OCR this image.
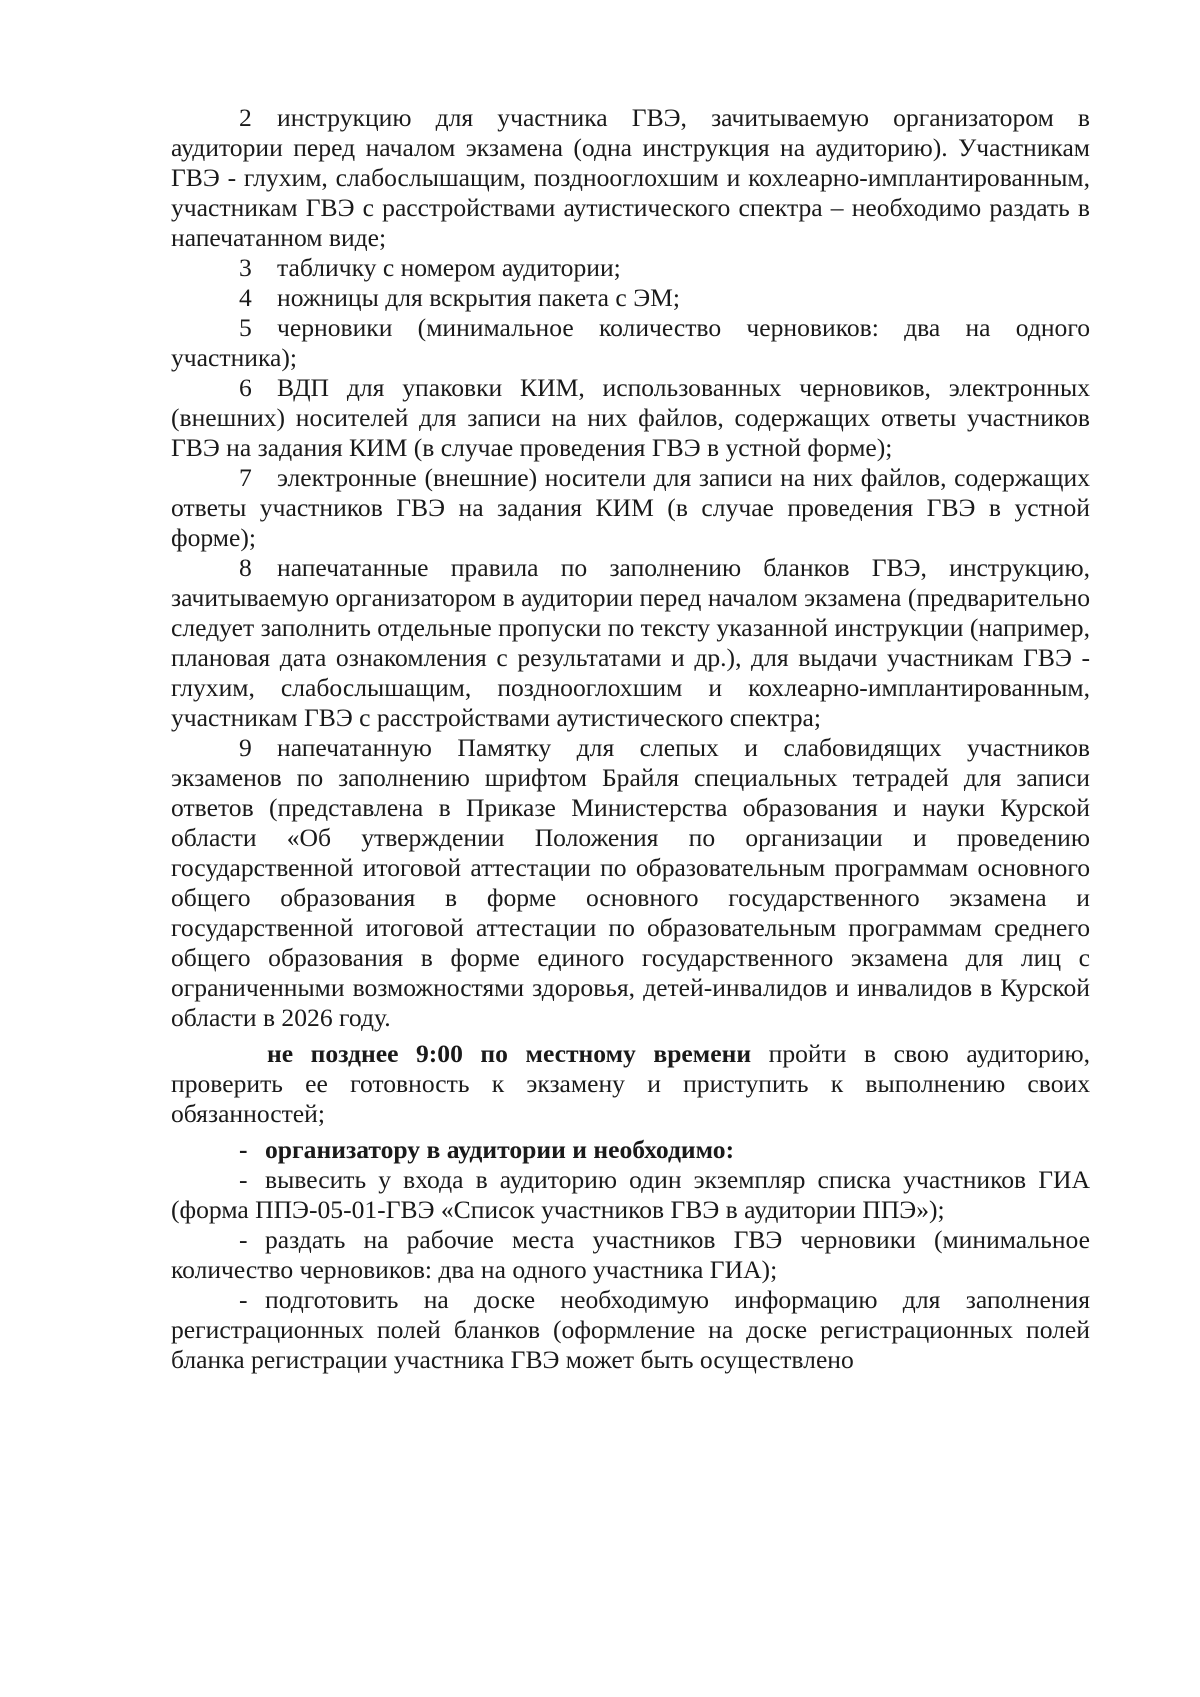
2 инструкцию для участника ГВЭ, зачитываемую организатором в аудитории перед началом экзамена (одна инструкция на аудиторию). Участникам ГВЭ - глухим, слабослышащим, позднооглохшим и кохлеарно-имплантированным, участникам ГВЭ с расстройствами аутистического спектра – необходимо раздать в напечатанном виде;

3 табличку с номером аудитории;

4 ножницы для вскрытия пакета с ЭМ;

5 черновики (минимальное количество черновиков: два на одного участника);

6 ВДП для упаковки КИМ, использованных черновиков, электронных (внешних) носителей для записи на них файлов, содержащих ответы участников ГВЭ на задания КИМ (в случае проведения ГВЭ в устной форме);

7 электронные (внешние) носители для записи на них файлов, содержащих ответы участников ГВЭ на задания КИМ (в случае проведения ГВЭ в устной форме);

8 напечатанные правила по заполнению бланков ГВЭ, инструкцию, зачитываемую организатором в аудитории перед началом экзамена (предварительно следует заполнить отдельные пропуски по тексту указанной инструкции (например, плановая дата ознакомления с результатами и др.), для выдачи участникам ГВЭ - глухим, слабослышащим, позднооглохшим и кохлеарно-имплантированным, участникам ГВЭ с расстройствами аутистического спектра;

9 напечатанную Памятку для слепых и слабовидящих участников экзаменов по заполнению шрифтом Брайля специальных тетрадей для записи ответов (представлена в Приказе Министерства образования и науки Курской области «Об утверждении Положения по организации и проведению государственной итоговой аттестации по образовательным программам основного общего образования в форме основного государственного экзамена и государственной итоговой аттестации по образовательным программам среднего общего образования в форме единого государственного экзамена для лиц с ограниченными возможностями здоровья, детей-инвалидов и инвалидов в Курской области в 2026 году.

не позднее 9:00 по местному времени пройти в свою аудиторию, проверить ее готовность к экзамену и приступить к выполнению своих обязанностей;

- организатору в аудитории и необходимо:

- вывесить у входа в аудиторию один экземпляр списка участников ГИА (форма ППЭ-05-01-ГВЭ «Список участников ГВЭ в аудитории ППЭ»);

- раздать на рабочие места участников ГВЭ черновики (минимальное количество черновиков: два на одного участника ГИА);

- подготовить на доске необходимую информацию для заполнения регистрационных полей бланков (оформление на доске регистрационных полей бланка регистрации участника ГВЭ может быть осуществлено
